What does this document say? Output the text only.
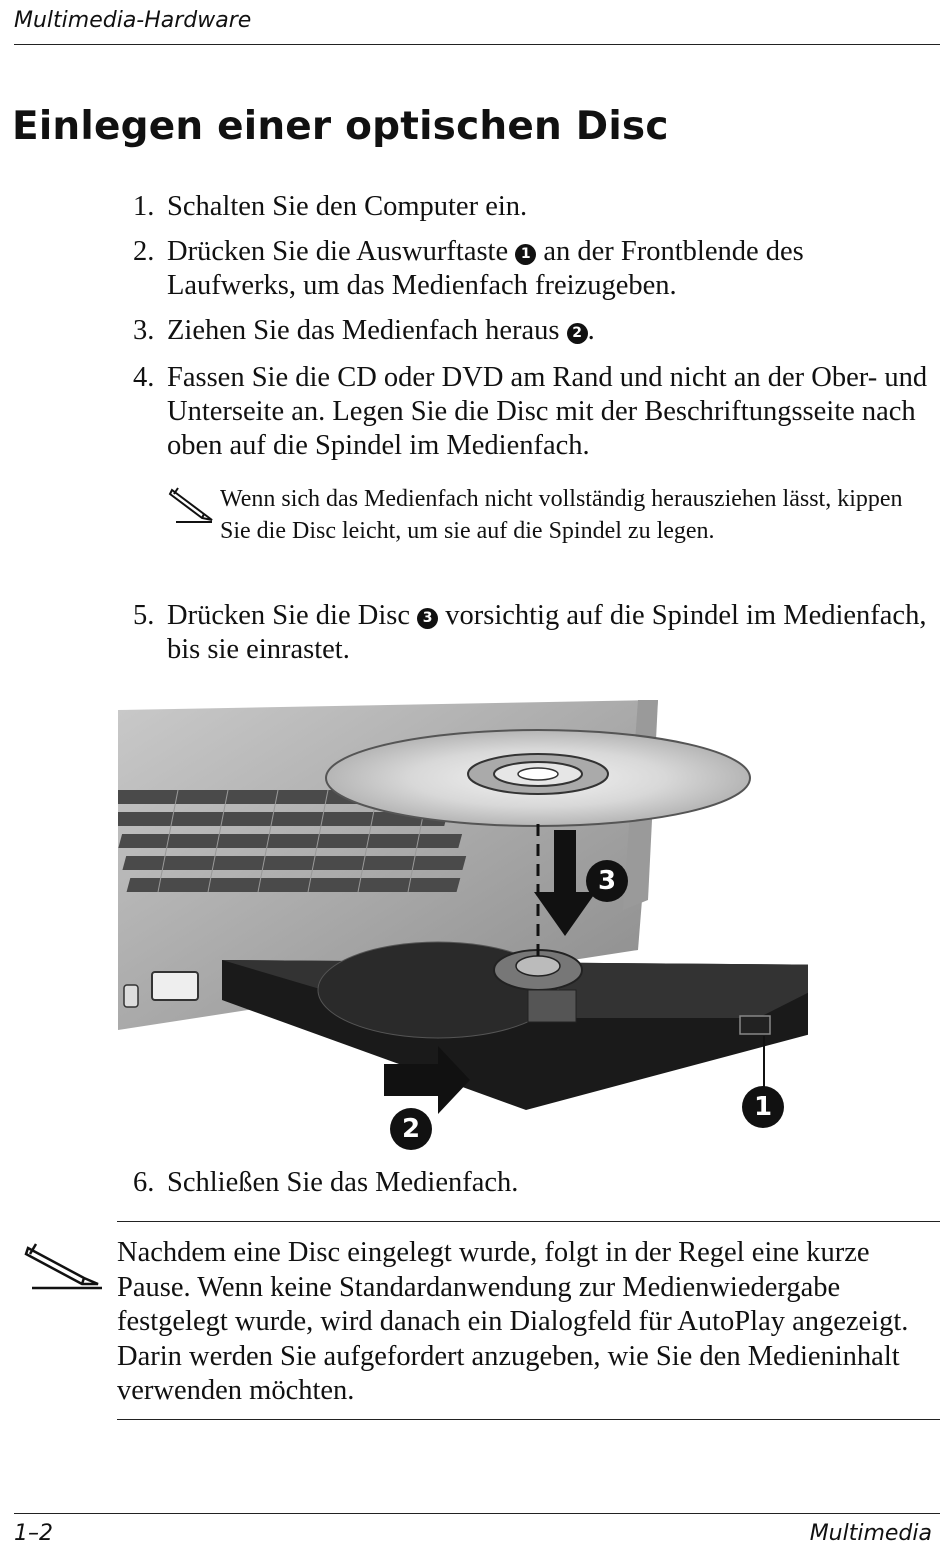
Multimedia-Hardware
Einlegen einer optischen Disc
1. Schalten Sie den Computer ein.
2. Drücken Sie die Auswurftaste 1 an der Frontblende des Laufwerks, um das Medienfach freizugeben.
3. Ziehen Sie das Medienfach heraus 2 .
4. Fassen Sie die CD oder DVD am Rand und nicht an der Ober- und Unterseite an. Legen Sie die Disc mit der Beschriftungsseite nach oben auf die Spindel im Medienfach.
Wenn sich das Medienfach nicht vollständig herausziehen lässt, kippen Sie die Disc leicht, um sie auf die Spindel zu legen.
5. Drücken Sie die Disc 3 vorsichtig auf die Spindel im Medienfach, bis sie einrastet.
3
1
2
6. Schließen Sie das Medienfach.
Nachdem eine Disc eingelegt wurde, folgt in der Regel eine kurze Pause. Wenn keine Standardanwendung zur Medienwiedergabe festgelegt wurde, wird danach ein Dialogfeld für AutoPlay angezeigt. Darin werden Sie aufgefordert anzugeben, wie Sie den Medieninhalt verwenden möchten.
1–2	Multimedia
